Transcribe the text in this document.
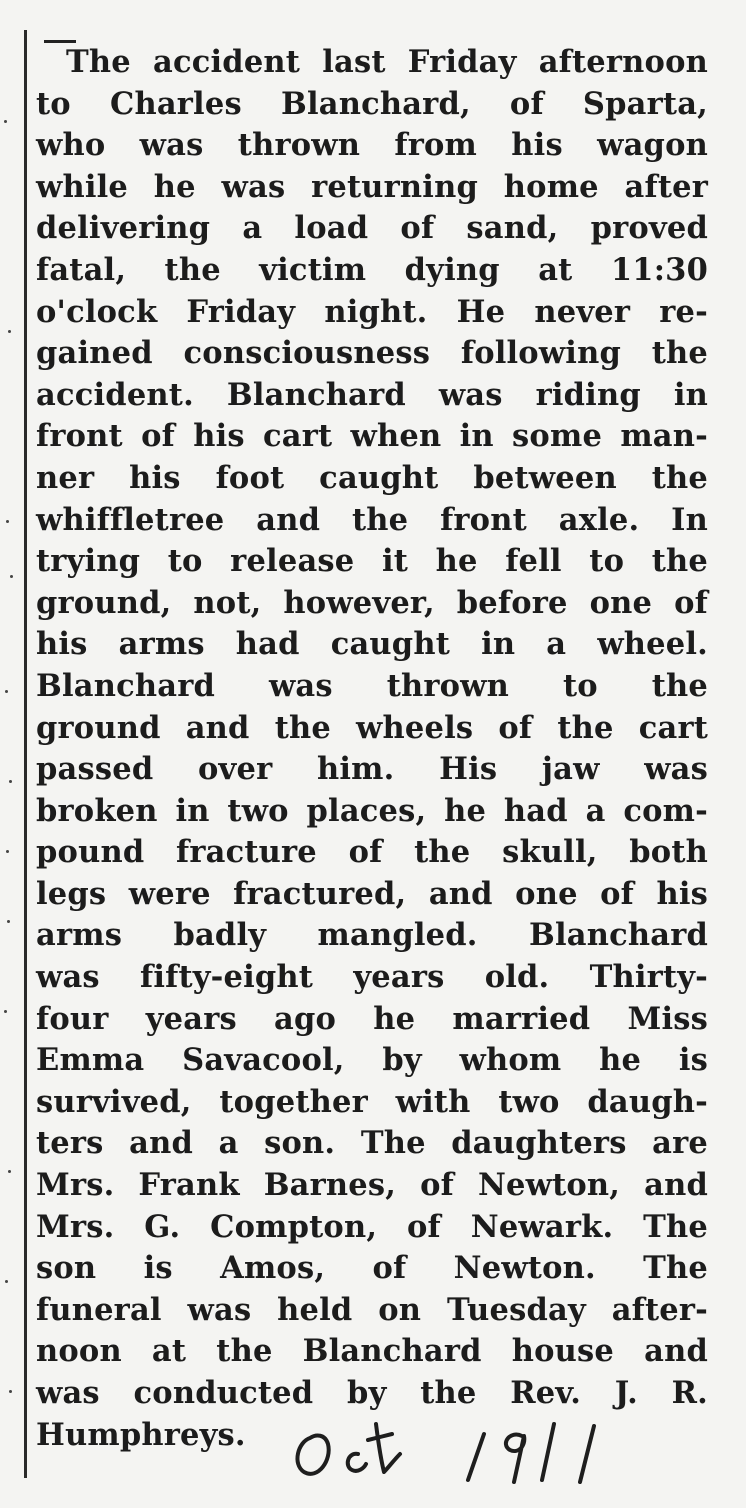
The accident last Friday afternoon
to Charles Blanchard, of Sparta,
who was thrown from his wagon
while he was returning home after
delivering a load of sand, proved
fatal, the victim dying at 11:30
o'clock Friday night. He never re-
gained consciousness following the
accident. Blanchard was riding in
front of his cart when in some man-
ner his foot caught between the
whiffletree and the front axle. In
trying to release it he fell to the
ground, not, however, before one of
his arms had caught in a wheel.
Blanchard was thrown to the
ground and the wheels of the cart
passed over him. His jaw was
broken in two places, he had a com-
pound fracture of the skull, both
legs were fractured, and one of his
arms badly mangled. Blanchard
was fifty-eight years old. Thirty-
four years ago he married Miss
Emma Savacool, by whom he is
survived, together with two daugh-
ters and a son. The daughters are
Mrs. Frank Barnes, of Newton, and
Mrs. G. Compton, of Newark. The
son is Amos, of Newton. The
funeral was held on Tuesday after-
noon at the Blanchard house and
was conducted by the Rev. J. R.
Humphreys.
